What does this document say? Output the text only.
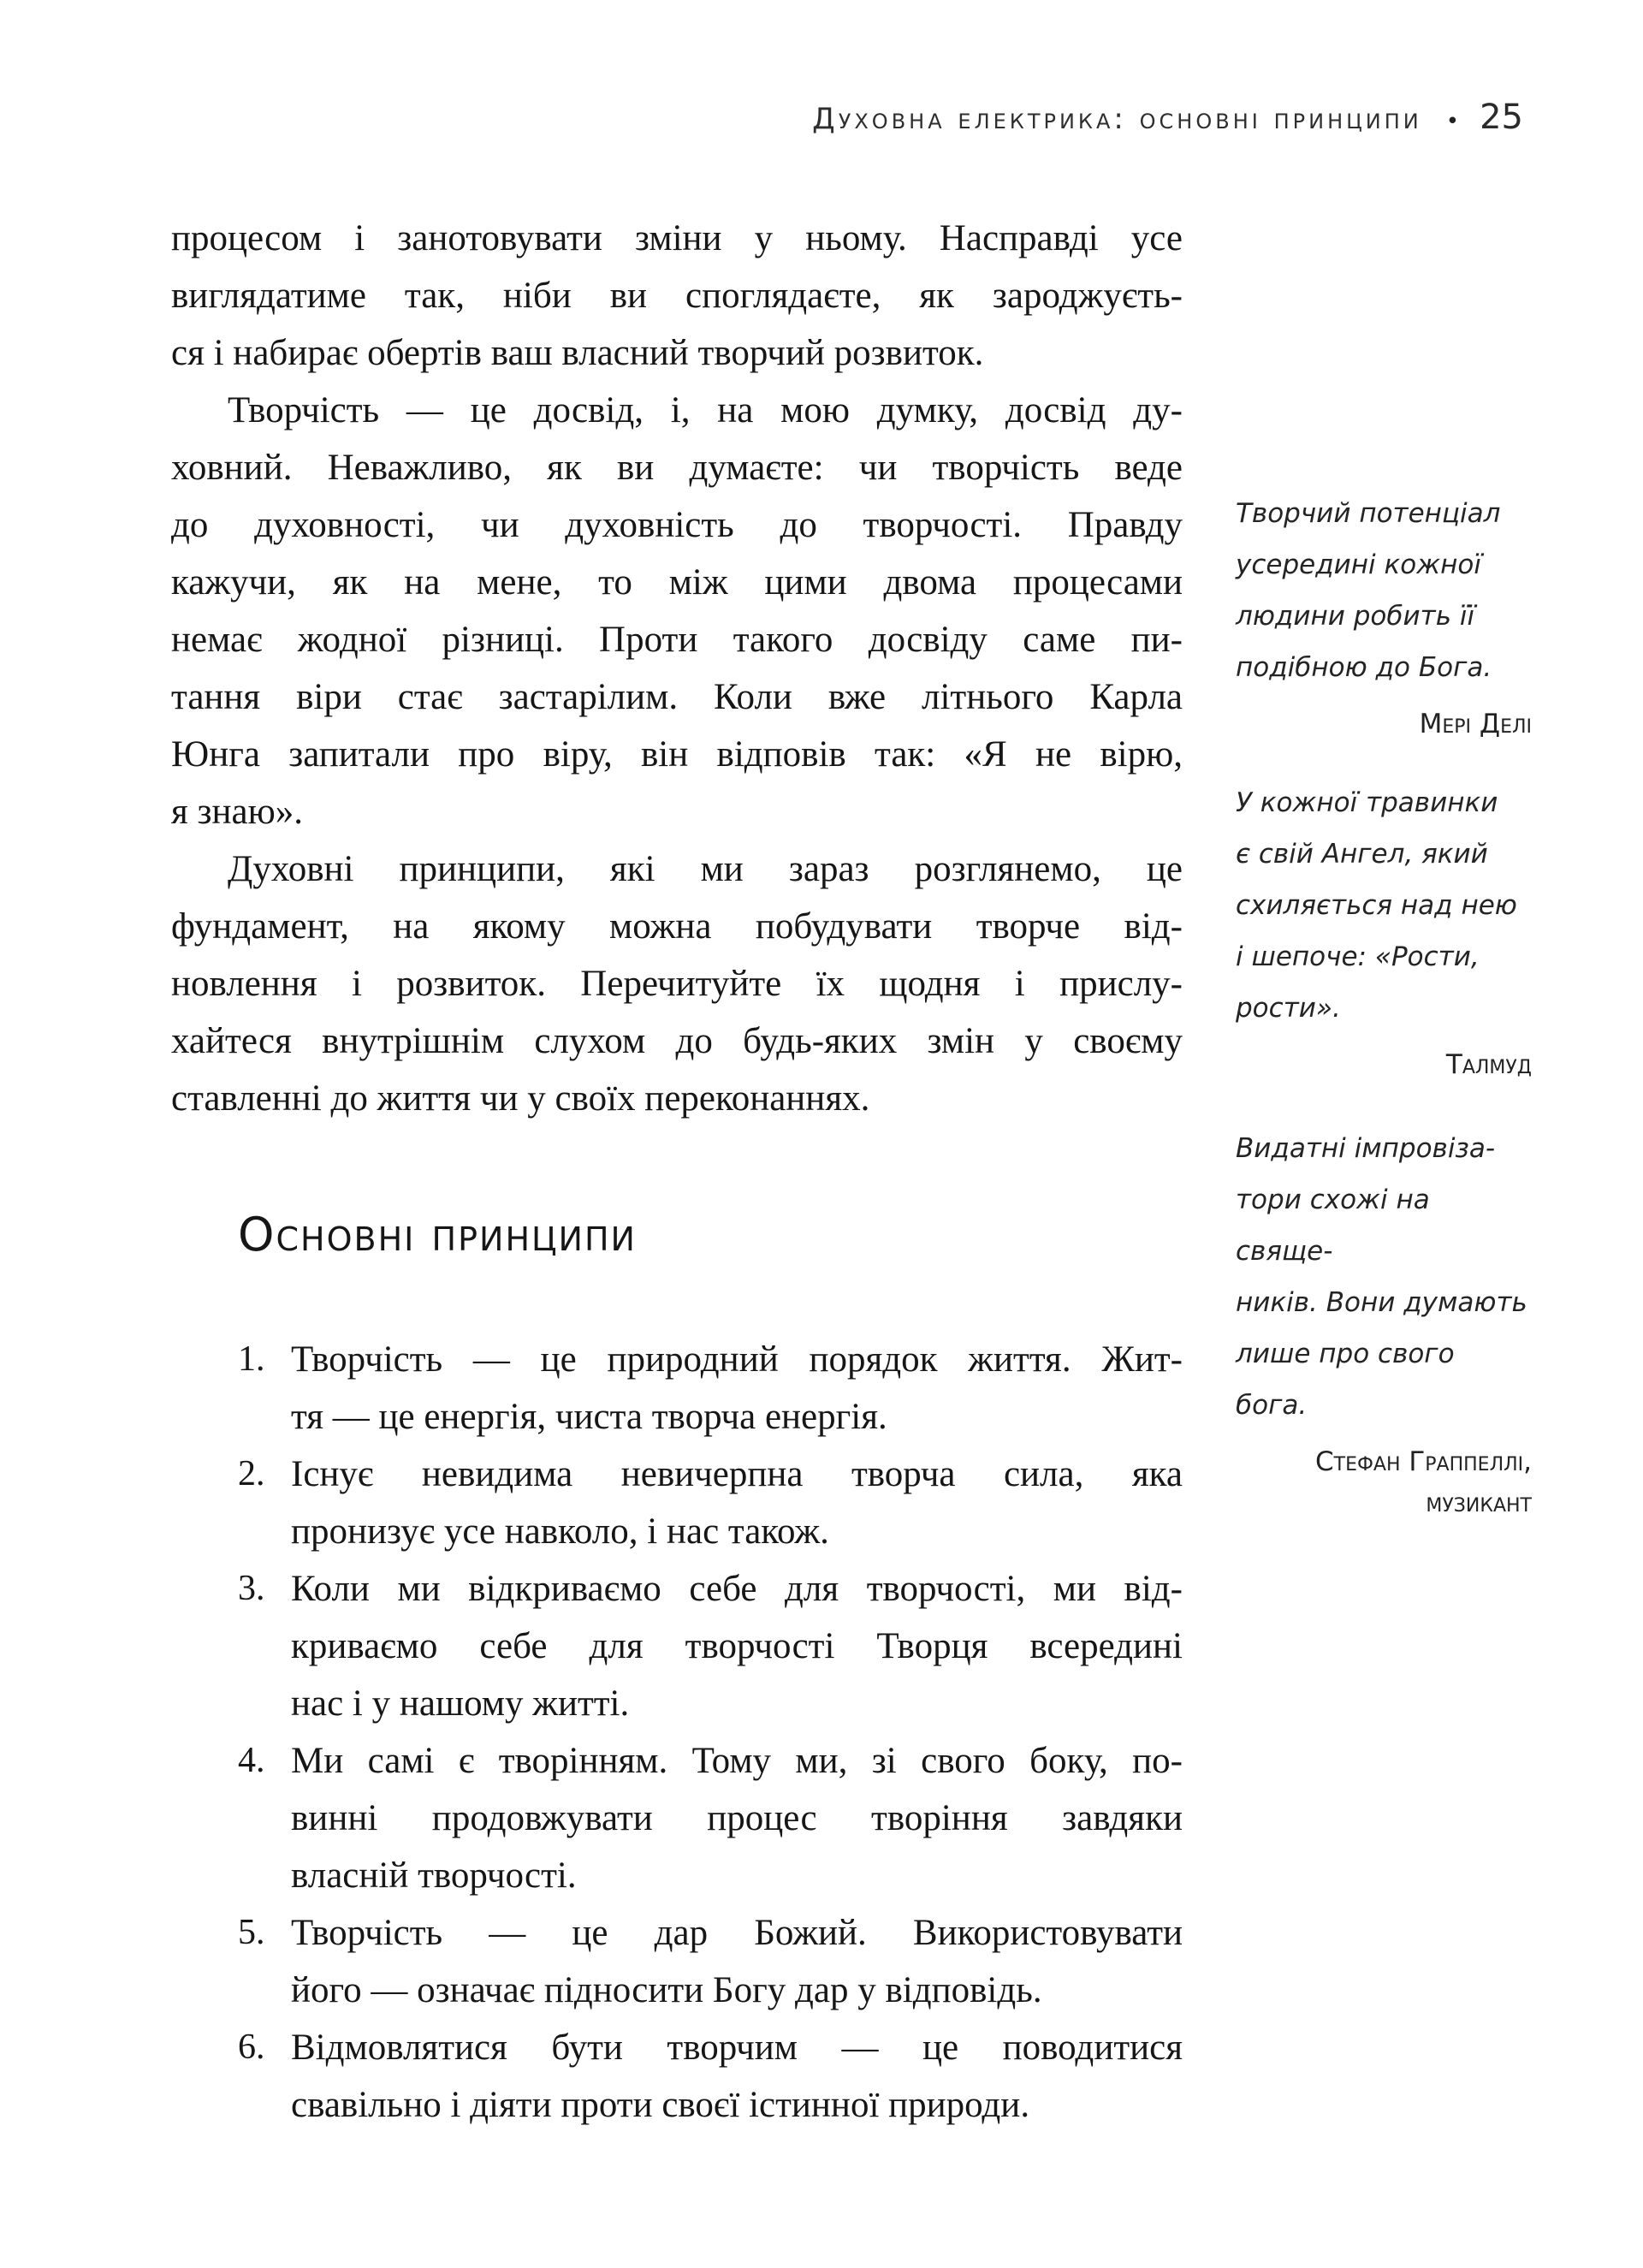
Духовна електрика: основні принципи • 25
процесом і занотовувати зміни у ньому. Насправді усе
виглядатиме так, ніби ви споглядаєте, як зароджуєть-
ся і набирає обертів ваш власний творчий розвиток.
Творчість — це досвід, і, на мою думку, досвід ду-
ховний. Неважливо, як ви думаєте: чи творчість веде
до духовності, чи духовність до творчості. Правду
кажучи, як на мене, то між цими двома процесами
немає жодної різниці. Проти такого досвіду саме пи-
тання віри стає застарілим. Коли вже літнього Карла
Юнга запитали про віру, він відповів так: «Я не вірю,
я знаю».
Духовні принципи, які ми зараз розглянемо, це
фундамент, на якому можна побудувати творче від-
новлення і розвиток. Перечитуйте їх щодня і прислу-
хайтеся внутрішнім слухом до будь-яких змін у своєму
ставленні до життя чи у своїх переконаннях.
Основні принципи
1. Творчість — це природний порядок життя. Жит-
тя — це енергія, чиста творча енергія.
2. Існує невидима невичерпна творча сила, яка
пронизує усе навколо, і нас також.
3. Коли ми відкриваємо себе для творчості, ми від-
криваємо себе для творчості Творця всередині
нас і у нашому житті.
4. Ми самі є творінням. Тому ми, зі свого боку, по-
винні продовжувати процес творіння завдяки
власній творчості.
5. Творчість — це дар Божий. Використовувати
його — означає підносити Богу дар у відповідь.
6. Відмовлятися бути творчим — це поводитися
свавільно і діяти проти своєї істинної природи.
Творчий потенціал
усередині кожної
людини робить її
подібною до Бога.
Мері Делі
У кожної травинки
є свій Ангел, який
схиляється над нею
і шепоче: «Рости,
рости».
Талмуд
Видатні імпровіза-
тори схожі на свяще-
ників. Вони думають
лише про свого бога.
Стефан Граппеллі,
музикант
